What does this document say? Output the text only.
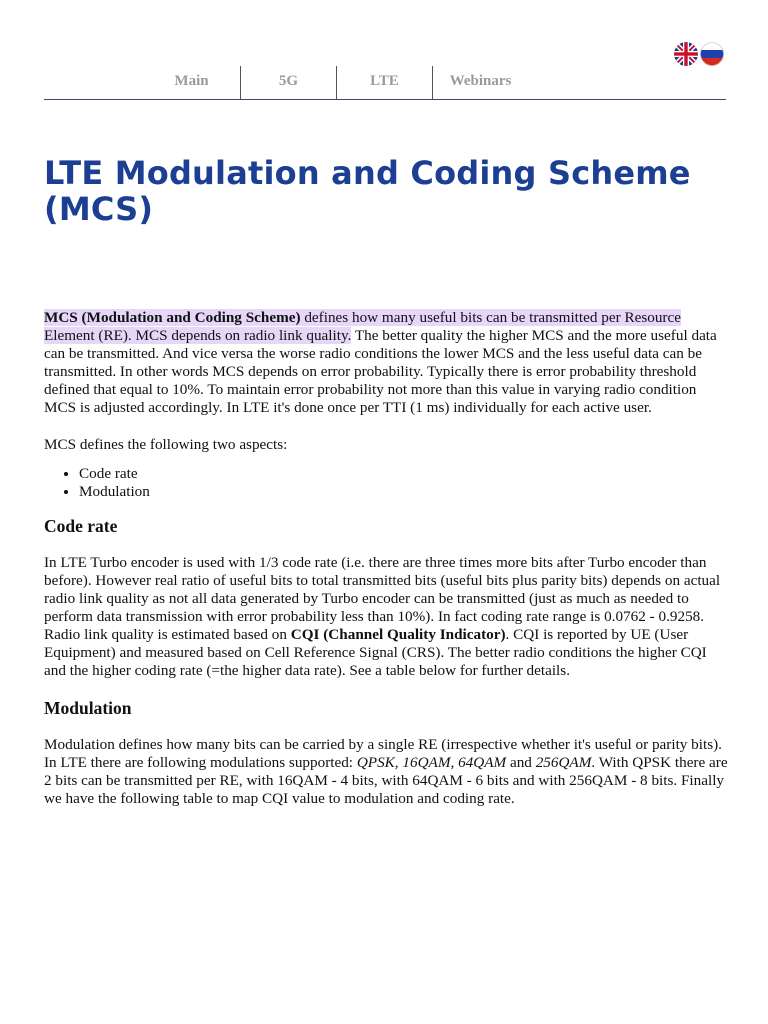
Main	5G	LTE	Webinars
LTE Modulation and Coding Scheme (MCS)

MCS (Modulation and Coding Scheme) defines how many useful bits can be transmitted per Resource Element (RE). MCS depends on radio link quality. The better quality the higher MCS and the more useful data can be transmitted. And vice versa the worse radio conditions the lower MCS and the less useful data can be transmitted. In other words MCS depends on error probability. Typically there is error probability threshold defined that equal to 10%. To maintain error probability not more than this value in varying radio condition MCS is adjusted accordingly. In LTE it's done once per TTI (1 ms) individually for each active user.

MCS defines the following two aspects:

• Code rate
• Modulation
Code rate

In LTE Turbo encoder is used with 1/3 code rate (i.e. there are three times more bits after Turbo encoder than before). However real ratio of useful bits to total transmitted bits (useful bits plus parity bits) depends on actual radio link quality as not all data generated by Turbo encoder can be transmitted (just as much as needed to perform data transmission with error probability less than 10%). In fact coding rate range is 0.0762 - 0.9258. Radio link quality is estimated based on CQI (Channel Quality Indicator). CQI is reported by UE (User Equipment) and measured based on Cell Reference Signal (CRS). The better radio conditions the higher CQI and the higher coding rate (=the higher data rate). See a table below for further details.

Modulation

Modulation defines how many bits can be carried by a single RE (irrespective whether it's useful or parity bits). In LTE there are following modulations supported: QPSK, 16QAM, 64QAM and 256QAM. With QPSK there are 2 bits can be transmitted per RE, with 16QAM - 4 bits, with 64QAM - 6 bits and with 256QAM - 8 bits. Finally we have the following table to map CQI value to modulation and coding rate.
